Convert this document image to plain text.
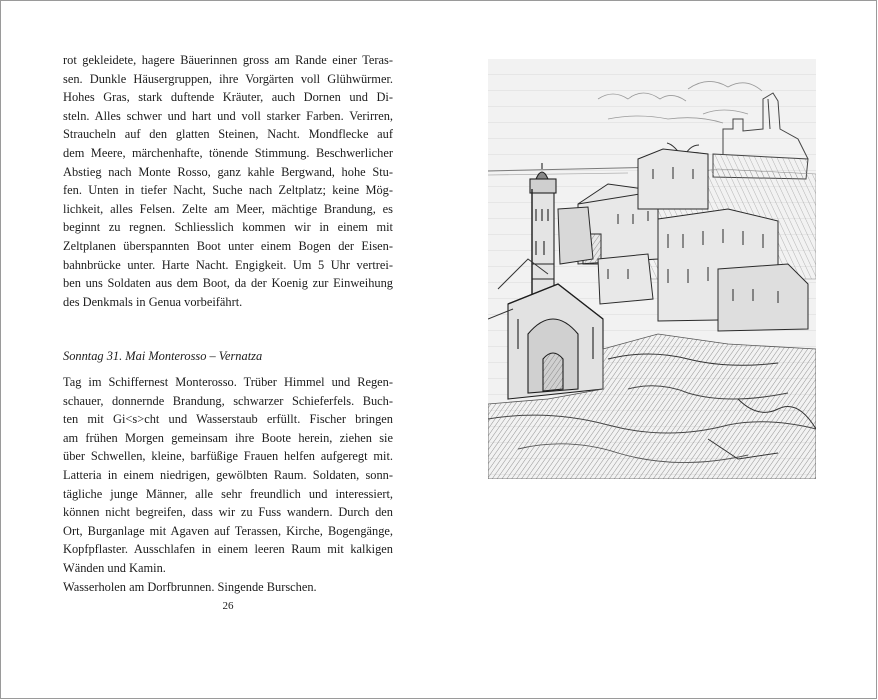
rot gekleidete, hagere Bäuerinnen gross am Rande einer Teras-
sen. Dunkle Häusergruppen, ihre Vorgärten voll Glühwürmer.
Hohes Gras, stark duftende Kräuter, auch Dornen und Di-
steln. Alles schwer und hart und voll starker Farben. Verirren,
Straucheln auf den glatten Steinen, Nacht. Mondflecke auf
dem Meere, märchenhafte, tönende Stimmung. Beschwerlicher
Abstieg nach Monte Rosso, ganz kahle Bergwand, hohe Stu-
fen. Unten in tiefer Nacht, Suche nach Zeltplatz; keine Mög-
lichkeit, alles Felsen. Zelte am Meer, mächtige Brandung, es
beginnt zu regnen. Schliesslich kommen wir in einem mit
Zeltplanen überspannten Boot unter einem Bogen der Eisen-
bahnbrücke unter. Harte Nacht. Engigkeit. Um 5 Uhr vertrei-
ben uns Soldaten aus dem Boot, da der Koenig zur Einweihung
des Denkmals in Genua vorbeifährt.
Sonntag 31. Mai Monterosso – Vernatza
Tag im Schiffernest Monterosso. Trüber Himmel und Regen-
schauer, donnernde Brandung, schwarzer Schieferfels. Buch-
ten mit Gi<s>cht und Wasserstaub erfüllt. Fischer bringen
am frühen Morgen gemeinsam ihre Boote herein, ziehen sie
über Schwellen, kleine, barfüßige Frauen helfen aufgeregt mit.
Latteria in einem niedrigen, gewölbten Raum. Soldaten, sonn-
tägliche junge Männer, alle sehr freundlich und interessiert,
können nicht begreifen, dass wir zu Fuss wandern. Durch den
Ort, Burganlage mit Agaven auf Terassen, Kirche, Bogengänge,
Kopfpflaster. Ausschlafen in einem leeren Raum mit kalkigen
Wänden und Kamin.
Wasserholen am Dorfbrunnen. Singende Burschen.
26
